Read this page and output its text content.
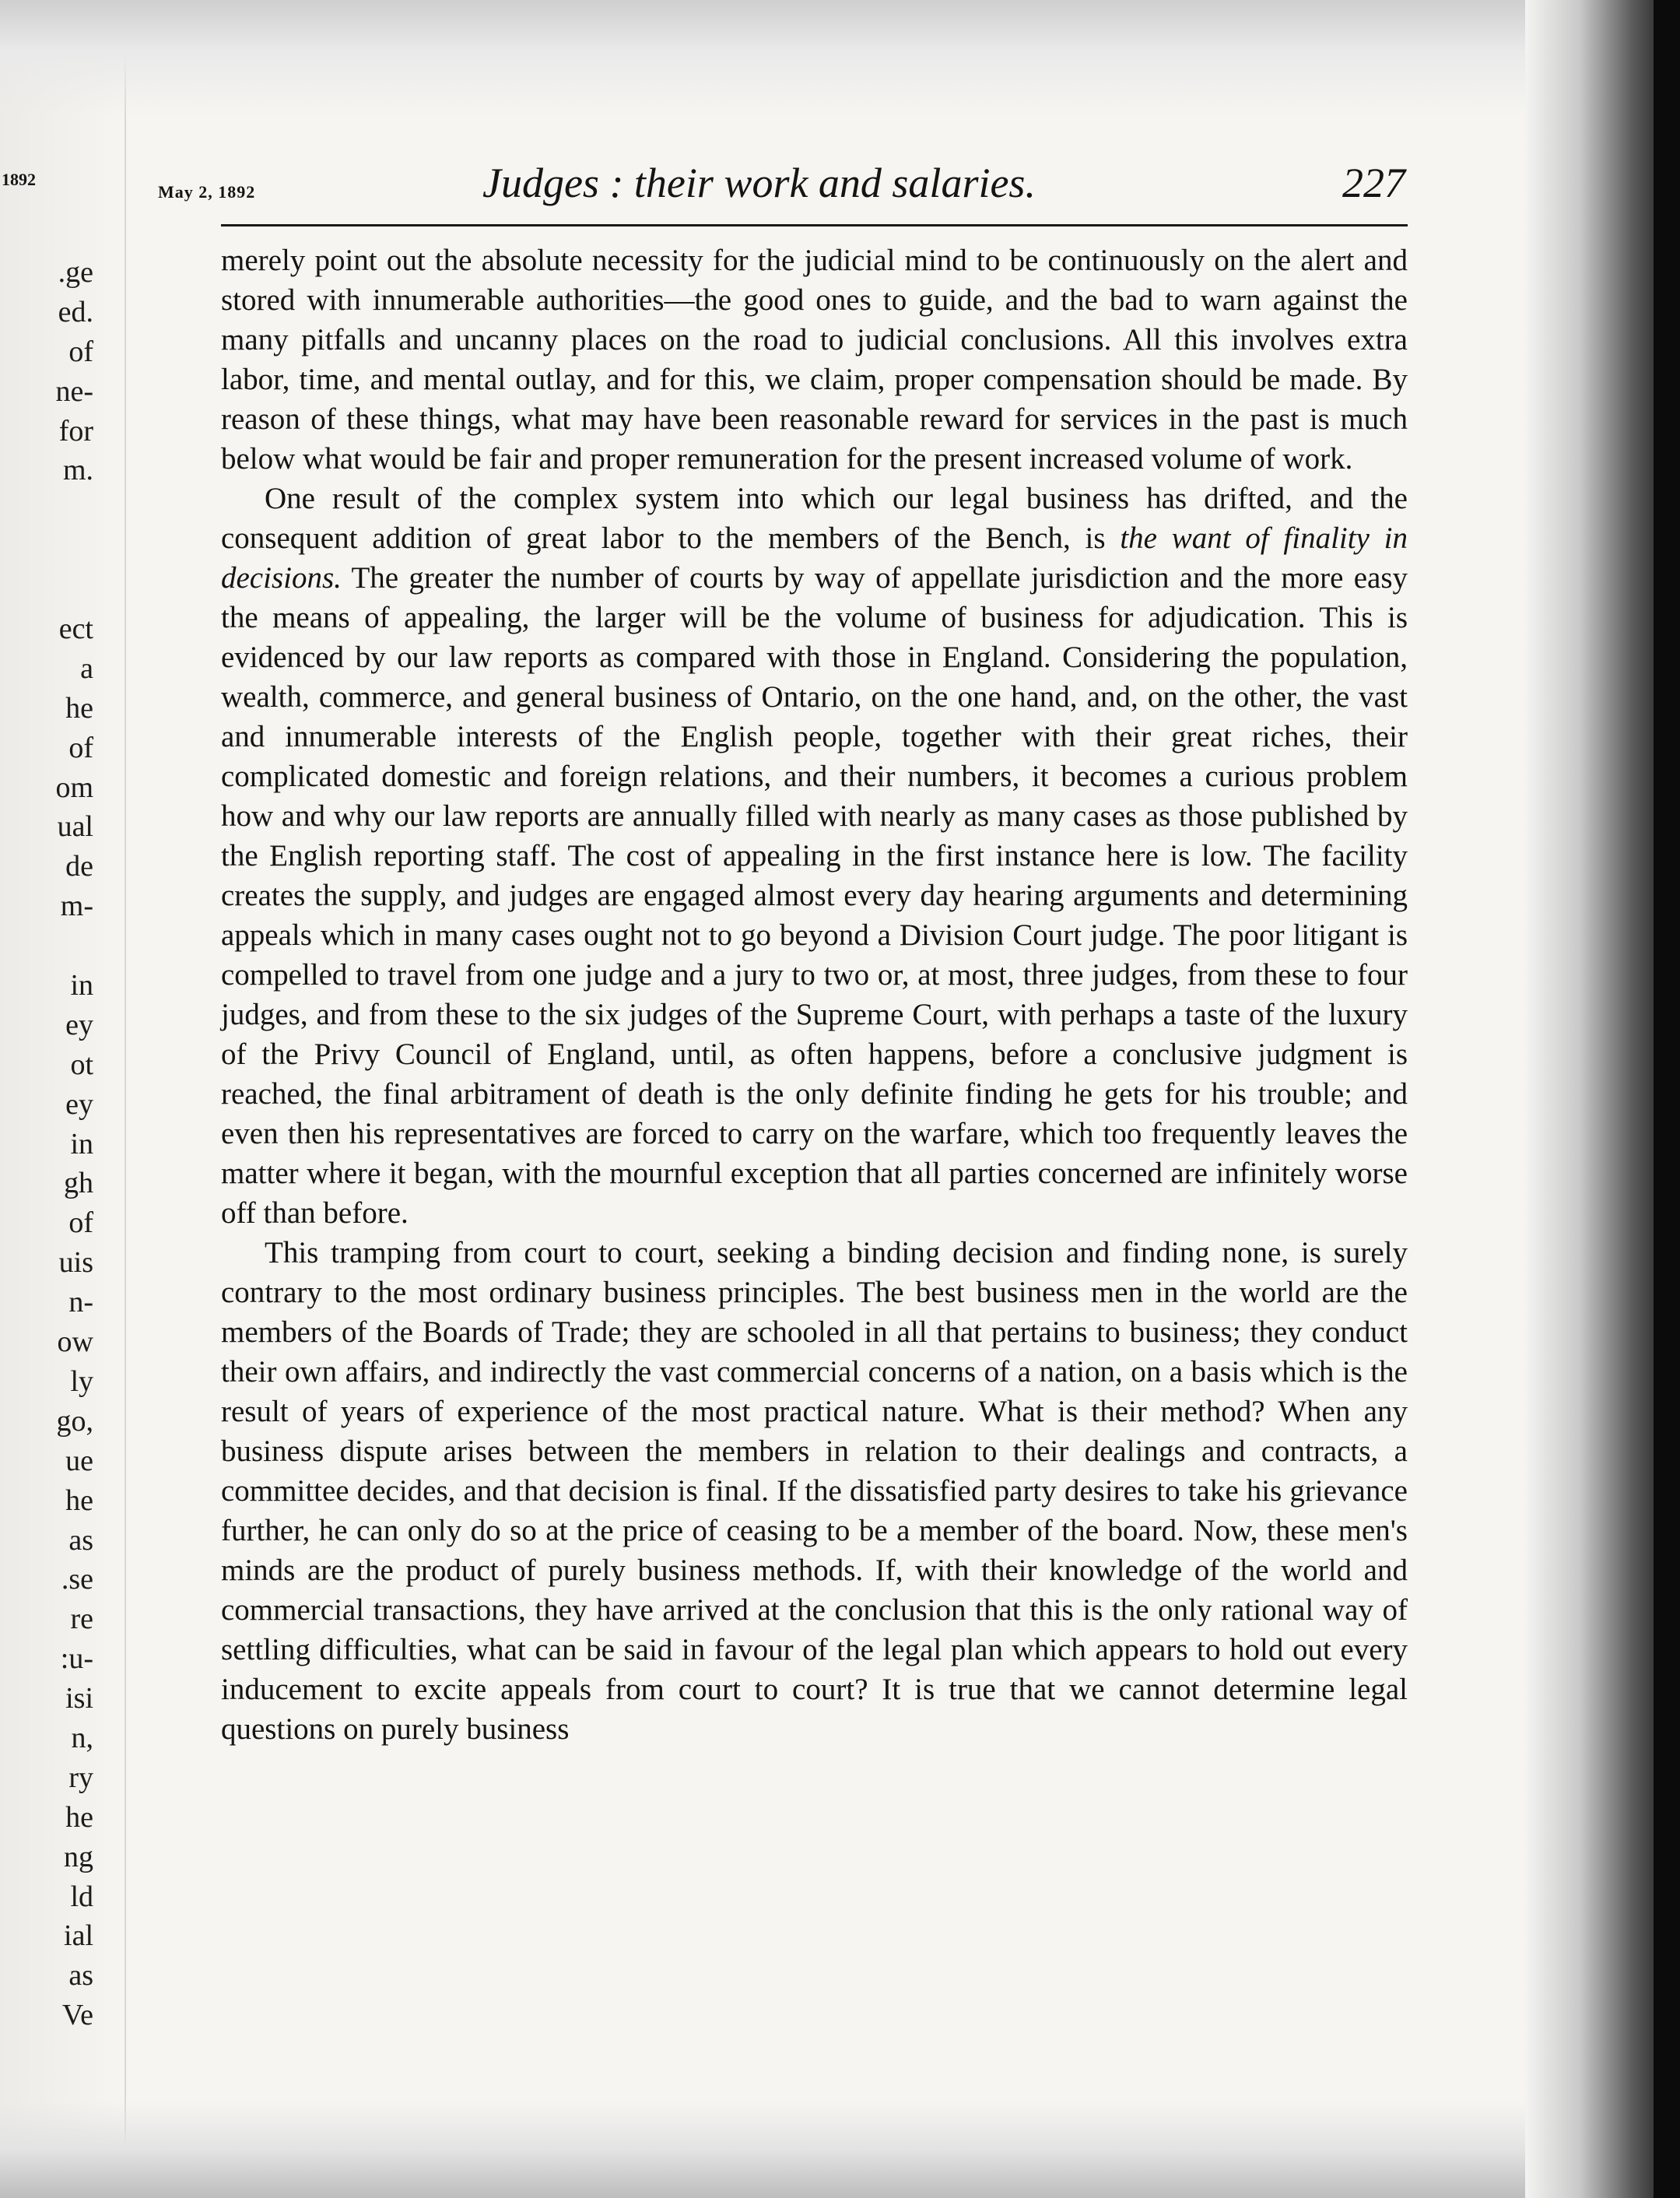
1892

.ge
ed.
of
ne-
for
m.
ect
a
he
of
om
ual
de
m-
in
ey
ot
ey
in
gh
of
uis
n-
ow
ly
go,
ue
he
as
.se
re
:u-
isi
n,
ry
he
ng
ld
ial
as
Ve

May 2, 1892	Judges : their work and salaries.	227

merely point out the absolute necessity for the judicial mind to be continuously on the alert and stored with innumerable authorities—the good ones to guide, and the bad to warn against the many pitfalls and uncanny places on the road to judicial conclusions. All this involves extra labor, time, and mental outlay, and for this, we claim, proper compensation should be made. By reason of these things, what may have been reasonable reward for services in the past is much below what would be fair and proper remuneration for the present increased volume of work.

One result of the complex system into which our legal business has drifted, and the consequent addition of great labor to the members of the Bench, is the want of finality in decisions. The greater the number of courts by way of appellate jurisdiction and the more easy the means of appealing, the larger will be the volume of business for adjudication. This is evidenced by our law reports as compared with those in England. Considering the population, wealth, commerce, and general business of Ontario, on the one hand, and, on the other, the vast and innumerable interests of the English people, together with their great riches, their complicated domestic and foreign relations, and their numbers, it becomes a curious problem how and why our law reports are annually filled with nearly as many cases as those published by the English reporting staff. The cost of appealing in the first instance here is low. The facility creates the supply, and judges are engaged almost every day hearing arguments and determining appeals which in many cases ought not to go beyond a Division Court judge. The poor litigant is compelled to travel from one judge and a jury to two or, at most, three judges, from these to four judges, and from these to the six judges of the Supreme Court, with perhaps a taste of the luxury of the Privy Council of England, until, as often happens, before a conclusive judgment is reached, the final arbitrament of death is the only definite finding he gets for his trouble; and even then his representatives are forced to carry on the warfare, which too frequently leaves the matter where it began, with the mournful exception that all parties concerned are infinitely worse off than before.

This tramping from court to court, seeking a binding decision and finding none, is surely contrary to the most ordinary business principles. The best business men in the world are the members of the Boards of Trade; they are schooled in all that pertains to business; they conduct their own affairs, and indirectly the vast commercial concerns of a nation, on a basis which is the result of years of experience of the most practical nature. What is their method? When any business dispute arises between the members in relation to their dealings and contracts, a committee decides, and that decision is final. If the dissatisfied party desires to take his grievance further, he can only do so at the price of ceasing to be a member of the board. Now, these men's minds are the product of purely business methods. If, with their knowledge of the world and commercial transactions, they have arrived at the conclusion that this is the only rational way of settling difficulties, what can be said in favour of the legal plan which appears to hold out every inducement to excite appeals from court to court? It is true that we cannot determine legal questions on purely business
